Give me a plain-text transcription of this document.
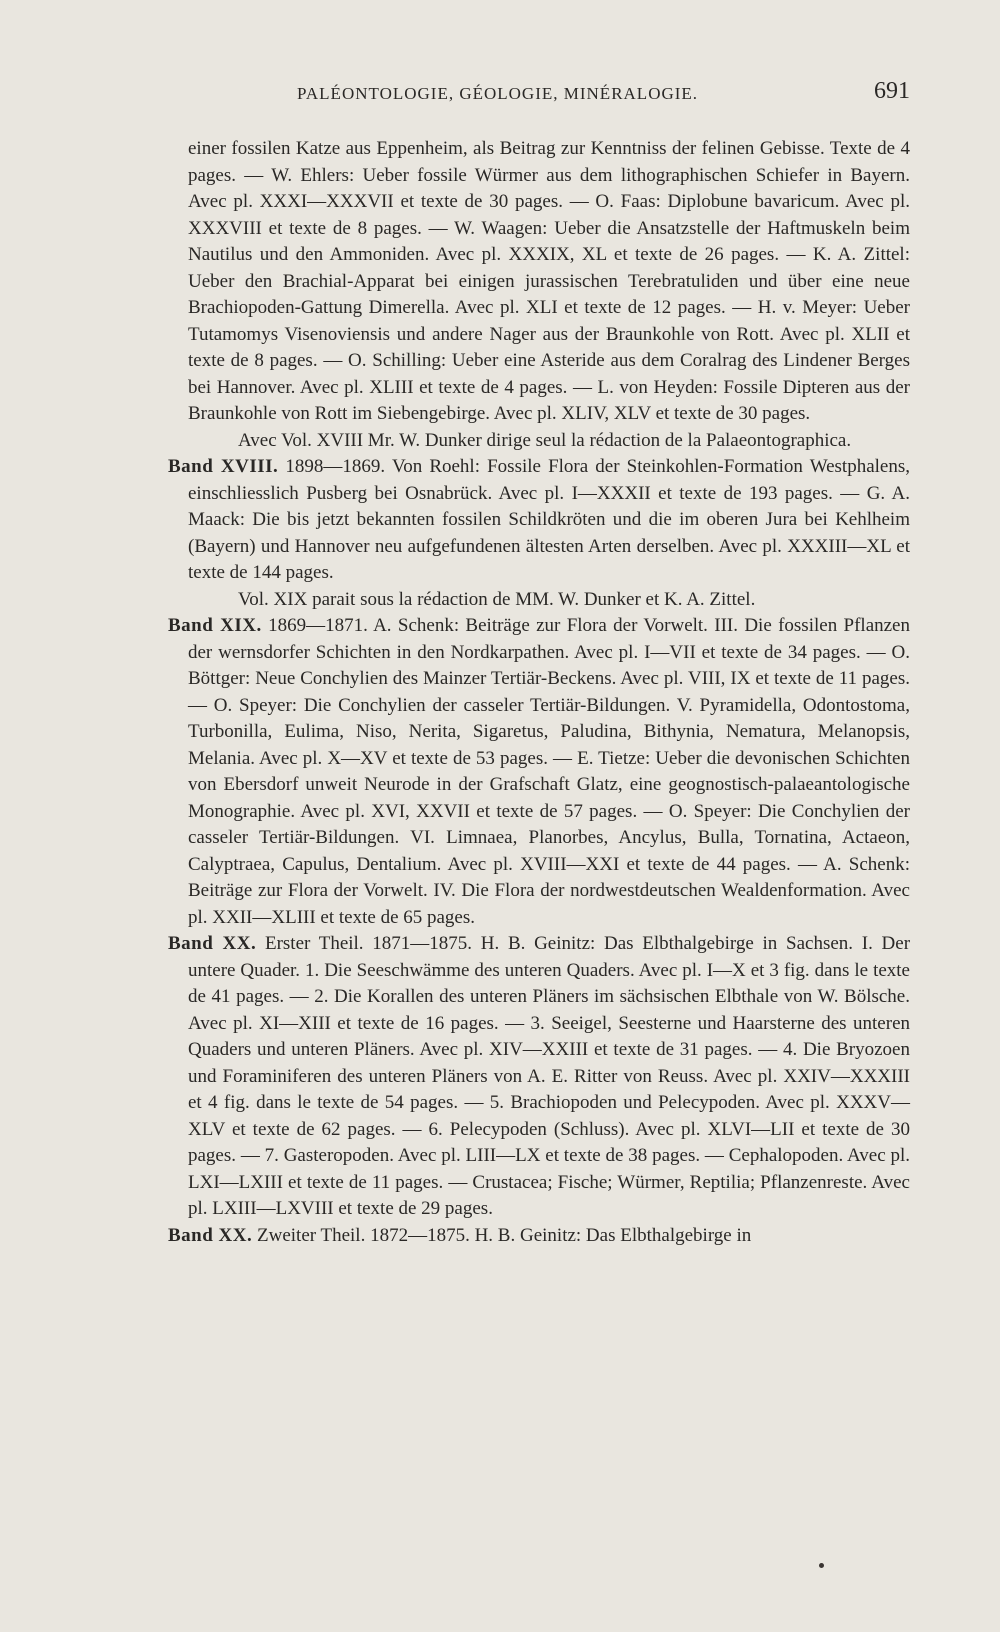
PALÉONTOLOGIE, GÉOLOGIE, MINÉRALOGIE.	691

einer fossilen Katze aus Eppenheim, als Beitrag zur Kenntniss der felinen Gebisse. Texte de 4 pages. — W. Ehlers: Ueber fossile Würmer aus dem lithographischen Schiefer in Bayern. Avec pl. XXXI—XXXVII et texte de 30 pages. — O. Faas: Diplobune bavaricum. Avec pl. XXXVIII et texte de 8 pages. — W. Waagen: Ueber die Ansatzstelle der Haftmuskeln beim Nautilus und den Ammoniden. Avec pl. XXXIX, XL et texte de 26 pages. — K. A. Zittel: Ueber den Brachial-Apparat bei einigen jurassischen Terebratuliden und über eine neue Brachiopoden-Gattung Dimerella. Avec pl. XLI et texte de 12 pages. — H. v. Meyer: Ueber Tutamomys Visenoviensis und andere Nager aus der Braunkohle von Rott. Avec pl. XLII et texte de 8 pages. — O. Schilling: Ueber eine Asteride aus dem Coralrag des Lindener Berges bei Hannover. Avec pl. XLIII et texte de 4 pages. — L. von Heyden: Fossile Dipteren aus der Braunkohle von Rott im Siebengebirge. Avec pl. XLIV, XLV et texte de 30 pages.

Avec Vol. XVIII Mr. W. Dunker dirige seul la rédaction de la Palaeontographica.

Band XVIII. 1898—1869. Von Roehl: Fossile Flora der Steinkohlen-Formation Westphalens, einschliesslich Pusberg bei Osnabrück. Avec pl. I—XXXII et texte de 193 pages. — G. A. Maack: Die bis jetzt bekannten fossilen Schildkröten und die im oberen Jura bei Kehlheim (Bayern) und Hannover neu aufgefundenen ältesten Arten derselben. Avec pl. XXXIII—XL et texte de 144 pages.

Vol. XIX parait sous la rédaction de MM. W. Dunker et K. A. Zittel.

Band XIX. 1869—1871. A. Schenk: Beiträge zur Flora der Vorwelt. III. Die fossilen Pflanzen der wernsdorfer Schichten in den Nordkarpathen. Avec pl. I—VII et texte de 34 pages. — O. Böttger: Neue Conchylien des Mainzer Tertiär-Beckens. Avec pl. VIII, IX et texte de 11 pages. — O. Speyer: Die Conchylien der casseler Tertiär-Bildungen. V. Pyramidella, Odontostoma, Turbonilla, Eulima, Niso, Nerita, Sigaretus, Paludina, Bithynia, Nematura, Melanopsis, Melania. Avec pl. X—XV et texte de 53 pages. — E. Tietze: Ueber die devonischen Schichten von Ebersdorf unweit Neurode in der Grafschaft Glatz, eine geognostisch-palaeantologische Monographie. Avec pl. XVI, XXVII et texte de 57 pages. — O. Speyer: Die Conchylien der casseler Tertiär-Bildungen. VI. Limnaea, Planorbes, Ancylus, Bulla, Tornatina, Actaeon, Calyptraea, Capulus, Dentalium. Avec pl. XVIII—XXI et texte de 44 pages. — A. Schenk: Beiträge zur Flora der Vorwelt. IV. Die Flora der nordwestdeutschen Wealdenformation. Avec pl. XXII—XLIII et texte de 65 pages.

Band XX. Erster Theil. 1871—1875. H. B. Geinitz: Das Elbthalgebirge in Sachsen. I. Der untere Quader. 1. Die Seeschwämme des unteren Quaders. Avec pl. I—X et 3 fig. dans le texte de 41 pages. — 2. Die Korallen des unteren Pläners im sächsischen Elbthale von W. Bölsche. Avec pl. XI—XIII et texte de 16 pages. — 3. Seeigel, Seesterne und Haarsterne des unteren Quaders und unteren Pläners. Avec pl. XIV—XXIII et texte de 31 pages. — 4. Die Bryozoen und Foraminiferen des unteren Pläners von A. E. Ritter von Reuss. Avec pl. XXIV—XXXIII et 4 fig. dans le texte de 54 pages. — 5. Brachiopoden und Pelecypoden. Avec pl. XXXV—XLV et texte de 62 pages. — 6. Pelecypoden (Schluss). Avec pl. XLVI—LII et texte de 30 pages. — 7. Gasteropoden. Avec pl. LIII—LX et texte de 38 pages. — Cephalopoden. Avec pl. LXI—LXIII et texte de 11 pages. — Crustacea; Fische; Würmer, Reptilia; Pflanzenreste. Avec pl. LXIII—LXVIII et texte de 29 pages.

Band XX. Zweiter Theil. 1872—1875. H. B. Geinitz: Das Elbthalgebirge in
